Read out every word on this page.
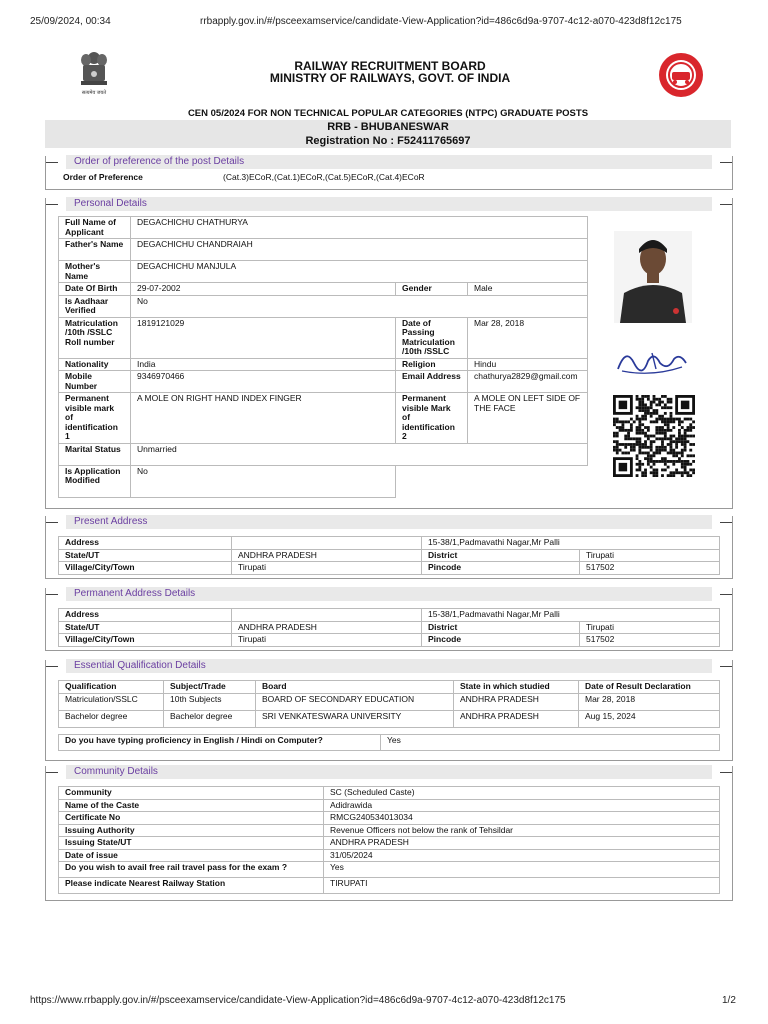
25/09/2024, 00:34	rrbapply.gov.in/#/psceexamservice/candidate-View-Application?id=486c6d9a-9707-4c12-a070-423d8f12c175
https://www.rrbapply.gov.in/#/psceexamservice/candidate-View-Application?id=486c6d9a-9707-4c12-a070-423d8f12c175	1/2
सत्यमेव जयते
RAILWAY RECRUITMENT BOARD
MINISTRY OF RAILWAYS, GOVT. OF INDIA
CEN 05/2024 FOR NON TECHNICAL POPULAR CATEGORIES (NTPC) GRADUATE POSTS
RRB - BHUBANESWAR
Registration No : F52411765697
Order of preference of the post Details
Order of Preference	(Cat.3)ECoR,(Cat.1)ECoR,(Cat.5)ECoR,(Cat.4)ECoR
Personal Details
Full Name of Applicant	DEGACHICHU CHATHURYA		
Father's Name	DEGACHICHU CHANDRAIAH		
Mother's Name	DEGACHICHU MANJULA		
Date Of Birth	29-07-2002	Gender	Male
Is Aadhaar Verified	No		
Matriculation /10th /SSLC Roll number	1819121029	Date of Passing Matriculation /10th /SSLC	Mar 28, 2018
Nationality	India	Religion	Hindu
Mobile Number	9346970466	Email Address	chathurya2829@gmail.com
Permanent visible mark of identification 1	A MOLE ON RIGHT HAND INDEX FINGER	Permanent visible Mark of identification 2	A MOLE ON LEFT SIDE OF THE FACE
Marital Status	Unmarried		
Is Application Modified	No		
Present Address
Address		15-38/1,Padmavathi Nagar,Mr Palli	
State/UT	ANDHRA PRADESH	District	Tirupati
Village/City/Town	Tirupati	Pincode	517502
Permanent Address Details
Address		15-38/1,Padmavathi Nagar,Mr Palli	
State/UT	ANDHRA PRADESH	District	Tirupati
Village/City/Town	Tirupati	Pincode	517502
Essential Qualification Details
Qualification	Subject/Trade	Board	State in which studied	Date of Result Declaration
Matriculation/SSLC	10th Subjects	BOARD OF SECONDARY EDUCATION	ANDHRA PRADESH	Mar 28, 2018
Bachelor degree	Bachelor degree	SRI VENKATESWARA UNIVERSITY	ANDHRA PRADESH	Aug 15, 2024
Do you have typing proficiency in English / Hindi on Computer?	Yes
Community Details
Community	SC (Scheduled Caste)
Name of the Caste	Adidrawida
Certificate No	RMCG240534013034
Issuing Authority	Revenue Officers not below the rank of Tehsildar
Issuing State/UT	ANDHRA PRADESH
Date of issue	31/05/2024
Do you wish to avail free rail travel pass for the exam ?	Yes
Please indicate Nearest Railway Station	TIRUPATI
